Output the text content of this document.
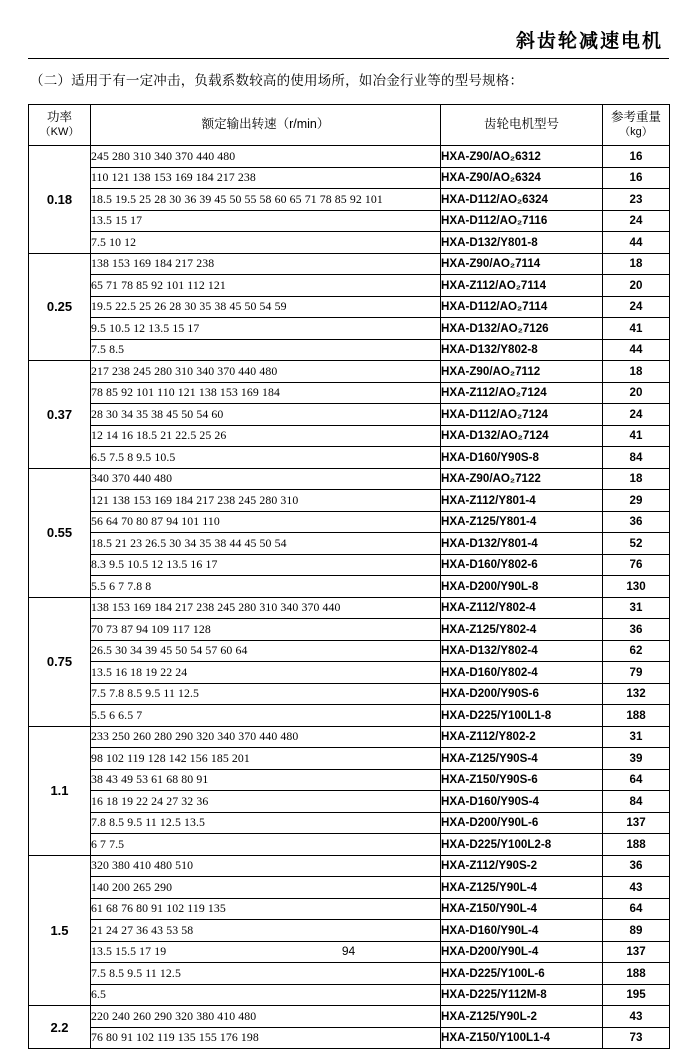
斜齿轮减速电机
（二）适用于有一定冲击，负载系数较高的使用场所，如冶金行业等的型号规格：
功率
（KW）	额定输出转速（r/min）	齿轮电机型号	参考重量
（kg）

0.18	245 280 310 340 370 440 480	HXA-Z90/AO₂6312	16
	110 121 138 153 169 184 217 238	HXA-Z90/AO₂6324	16
	18.5 19.5 25 28 30 36 39 45 50 55 58 60 65 71 78 85 92 101	HXA-D112/AO₂6324	23
	13.5 15 17	HXA-D112/AO₂7116	24
	7.5 10 12	HXA-D132/Y801-8	44
0.25	138 153 169 184 217 238	HXA-Z90/AO₂7114	18
	65 71 78 85 92 101 112 121	HXA-Z112/AO₂7114	20
	19.5 22.5 25 26 28 30 35 38 45 50 54 59	HXA-D112/AO₂7114	24
	9.5 10.5 12 13.5 15 17	HXA-D132/AO₂7126	41
	7.5 8.5	HXA-D132/Y802-8	44
0.37	217 238 245 280 310 340 370 440 480	HXA-Z90/AO₂7112	18
	78 85 92 101 110 121 138 153 169 184	HXA-Z112/AO₂7124	20
	28 30 34 35 38 45 50 54 60	HXA-D112/AO₂7124	24
	12 14 16 18.5 21 22.5 25 26	HXA-D132/AO₂7124	41
	6.5 7.5 8 9.5 10.5	HXA-D160/Y90S-8	84
0.55	340 370 440 480	HXA-Z90/AO₂7122	18
	121 138 153 169 184 217 238 245 280 310	HXA-Z112/Y801-4	29
	56 64 70 80 87 94 101 110	HXA-Z125/Y801-4	36
	18.5 21 23 26.5 30 34 35 38 44 45 50 54	HXA-D132/Y801-4	52
	8.3 9.5 10.5 12 13.5 16 17	HXA-D160/Y802-6	76
	5.5 6 7 7.8 8	HXA-D200/Y90L-8	130
0.75	138 153 169 184 217 238 245 280 310 340 370 440	HXA-Z112/Y802-4	31
	70 73 87 94 109 117 128	HXA-Z125/Y802-4	36
	26.5 30 34 39 45 50 54 57 60 64	HXA-D132/Y802-4	62
	13.5 16 18 19 22 24	HXA-D160/Y802-4	79
	7.5 7.8 8.5 9.5 11 12.5	HXA-D200/Y90S-6	132
	5.5 6 6.5 7	HXA-D225/Y100L1-8	188
1.1	233 250 260 280 290 320 340 370 440 480	HXA-Z112/Y802-2	31
	98 102 119 128 142 156 185 201	HXA-Z125/Y90S-4	39
	38 43 49 53 61 68 80 91	HXA-Z150/Y90S-6	64
	16 18 19 22 24 27 32 36	HXA-D160/Y90S-4	84
	7.8 8.5 9.5 11 12.5 13.5	HXA-D200/Y90L-6	137
	6 7 7.5	HXA-D225/Y100L2-8	188
1.5	320 380 410 480 510	HXA-Z112/Y90S-2	36
	140 200 265 290	HXA-Z125/Y90L-4	43
	61 68 76 80 91 102 119 135	HXA-Z150/Y90L-4	64
	21 24 27 36 43 53 58	HXA-D160/Y90L-4	89
	13.5 15.5 17 19	HXA-D200/Y90L-4	137
	7.5 8.5 9.5 11 12.5	HXA-D225/Y100L-6	188
	6.5	HXA-D225/Y112M-8	195
2.2	220 240 260 290 320 380 410 480	HXA-Z125/Y90L-2	43
	76 80 91 102 119 135 155 176 198	HXA-Z150/Y100L1-4	73
94
